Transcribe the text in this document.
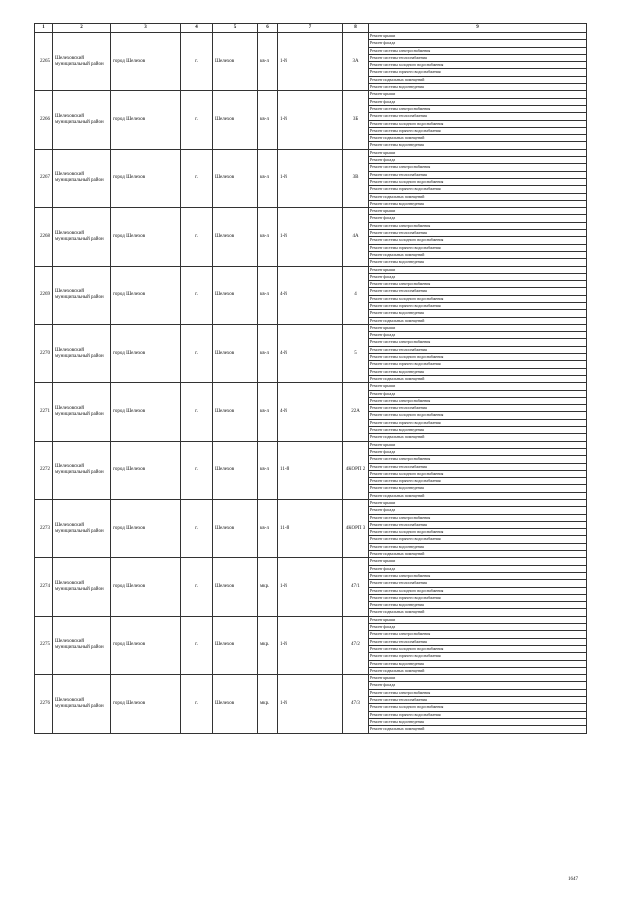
1	2	3	4	5	6	7	8	9
2265	Шелеховский муниципальный район	город Шелехов	г.	Шелехов	кв-л	1-й	3А	Ремонт крыши
								Ремонт фасада
								Ремонт системы электроснабжения
								Ремонт системы теплоснабжения
								Ремонт системы холодного водоснабжения
								Ремонт системы горячего водоснабжения
								Ремонт подвальных помещений
								Ремонт системы водоотведения
2266	Шелеховский муниципальный район	город Шелехов	г.	Шелехов	кв-л	1-й	3Б	Ремонт крыши
								Ремонт фасада
								Ремонт системы электроснабжения
								Ремонт системы теплоснабжения
								Ремонт системы холодного водоснабжения
								Ремонт системы горячего водоснабжения
								Ремонт подвальных помещений
								Ремонт системы водоотведения
2267	Шелеховский муниципальный район	город Шелехов	г.	Шелехов	кв-л	1-й	3В	Ремонт крыши
								Ремонт фасада
								Ремонт системы электроснабжения
								Ремонт системы теплоснабжения
								Ремонт системы холодного водоснабжения
								Ремонт системы горячего водоснабжения
								Ремонт подвальных помещений
								Ремонт системы водоотведения
2268	Шелеховский муниципальный район	город Шелехов	г.	Шелехов	кв-л	1-й	4А	Ремонт крыши
								Ремонт фасада
								Ремонт системы электроснабжения
								Ремонт системы теплоснабжения
								Ремонт системы холодного водоснабжения
								Ремонт системы горячего водоснабжения
								Ремонт подвальных помещений
								Ремонт системы водоотведения
2269	Шелеховский муниципальный район	город Шелехов	г.	Шелехов	кв-л	4-й	4	Ремонт крыши
								Ремонт фасада
								Ремонт системы электроснабжения
								Ремонт системы теплоснабжения
								Ремонт системы холодного водоснабжения
								Ремонт системы горячего водоснабжения
								Ремонт системы водоотведения
								Ремонт подвальных помещений
2270	Шелеховский муниципальный район	город Шелехов	г.	Шелехов	кв-л	4-й	5	Ремонт крыши
								Ремонт фасада
								Ремонт системы электроснабжения
								Ремонт системы теплоснабжения
								Ремонт системы холодного водоснабжения
								Ремонт системы горячего водоснабжения
								Ремонт системы водоотведения
								Ремонт подвальных помещений
2271	Шелеховский муниципальный район	город Шелехов	г.	Шелехов	кв-л	4-й	22А	Ремонт крыши
								Ремонт фасада
								Ремонт системы электроснабжения
								Ремонт системы теплоснабжения
								Ремонт системы холодного водоснабжения
								Ремонт системы горячего водоснабжения
								Ремонт системы водоотведения
								Ремонт подвальных помещений
2272	Шелеховский муниципальный район	город Шелехов	г.	Шелехов	кв-л	11-й	4КОРП 2	Ремонт крыши
								Ремонт фасада
								Ремонт системы электроснабжения
								Ремонт системы теплоснабжения
								Ремонт системы холодного водоснабжения
								Ремонт системы горячего водоснабжения
								Ремонт системы водоотведения
								Ремонт подвальных помещений
2273	Шелеховский муниципальный район	город Шелехов	г.	Шелехов	кв-л	11-й	4КОРП 3	Ремонт крыши
								Ремонт фасада
								Ремонт системы электроснабжения
								Ремонт системы теплоснабжения
								Ремонт системы холодного водоснабжения
								Ремонт системы горячего водоснабжения
								Ремонт системы водоотведения
								Ремонт подвальных помещений
2274	Шелеховский муниципальный район	город Шелехов	г.	Шелехов	мкр.	1-й	47/1	Ремонт крыши
								Ремонт фасада
								Ремонт системы электроснабжения
								Ремонт системы теплоснабжения
								Ремонт системы холодного водоснабжения
								Ремонт системы горячего водоснабжения
								Ремонт системы водоотведения
								Ремонт подвальных помещений
2275	Шелеховский муниципальный район	город Шелехов	г.	Шелехов	мкр.	1-й	47/2	Ремонт крыши
								Ремонт фасада
								Ремонт системы электроснабжения
								Ремонт системы теплоснабжения
								Ремонт системы холодного водоснабжения
								Ремонт системы горячего водоснабжения
								Ремонт системы водоотведения
								Ремонт подвальных помещений
2276	Шелеховский муниципальный район	город Шелехов	г.	Шелехов	мкр.	1-й	47/3	Ремонт крыши
								Ремонт фасада
								Ремонт системы электроснабжения
								Ремонт системы теплоснабжения
								Ремонт системы холодного водоснабжения
								Ремонт системы горячего водоснабжения
								Ремонт системы водоотведения
								Ремонт подвальных помещений
1647
